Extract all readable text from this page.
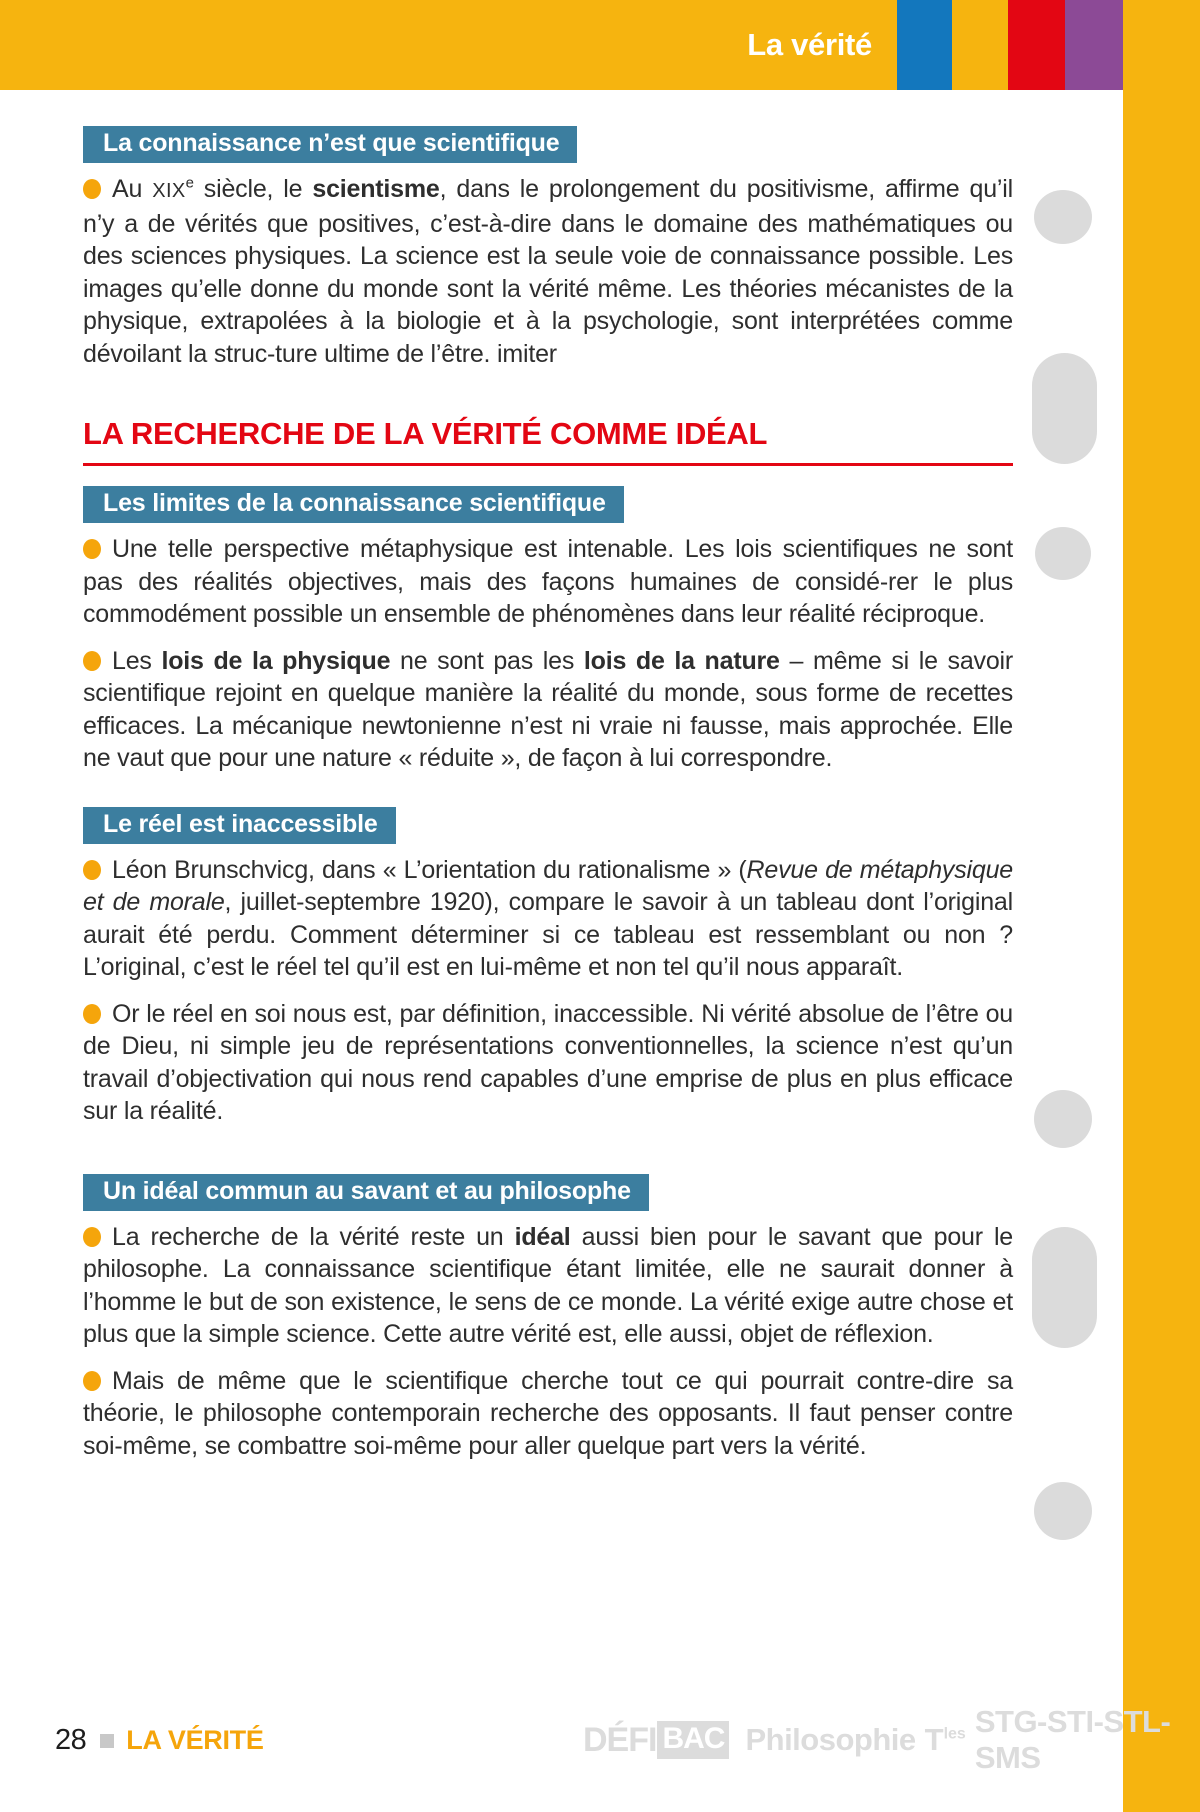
La vérité
La connaissance n’est que scientifique
Au XIXe siècle, le scientisme, dans le prolongement du positivisme, affirme qu’il n’y a de vérités que positives, c’est-à-dire dans le domaine des mathématiques ou des sciences physiques. La science est la seule voie de connaissance possible. Les images qu’elle donne du monde sont la vérité même. Les théories mécanistes de la physique, extrapolées à la biologie et à la psychologie, sont interprétées comme dévoilant la struc-ture ultime de l’être. imiter
LA RECHERCHE DE LA VÉRITÉ COMME IDÉAL
Les limites de la connaissance scientifique
Une telle perspective métaphysique est intenable. Les lois scientifiques ne sont pas des réalités objectives, mais des façons humaines de considé-rer le plus commodément possible un ensemble de phénomènes dans leur réalité réciproque.
Les lois de la physique ne sont pas les lois de la nature – même si le savoir scientifique rejoint en quelque manière la réalité du monde, sous forme de recettes efficaces. La mécanique newtonienne n’est ni vraie ni fausse, mais approchée. Elle ne vaut que pour une nature « réduite », de façon à lui correspondre.
Le réel est inaccessible
Léon Brunschvicg, dans « L’orientation du rationalisme » (Revue de métaphysique et de morale, juillet-septembre 1920), compare le savoir à un tableau dont l’original aurait été perdu. Comment déterminer si ce tableau est ressemblant ou non ? L’original, c’est le réel tel qu’il est en lui-même et non tel qu’il nous apparaît.
Or le réel en soi nous est, par définition, inaccessible. Ni vérité absolue de l’être ou de Dieu, ni simple jeu de représentations conventionnelles, la science n’est qu’un travail d’objectivation qui nous rend capables d’une emprise de plus en plus efficace sur la réalité.
Un idéal commun au savant et au philosophe
La recherche de la vérité reste un idéal aussi bien pour le savant que pour le philosophe. La connaissance scientifique étant limitée, elle ne saurait donner à l’homme le but de son existence, le sens de ce monde. La vérité exige autre chose et plus que la simple science. Cette autre vérité est, elle aussi, objet de réflexion.
Mais de même que le scientifique cherche tout ce qui pourrait contre-dire sa théorie, le philosophe contemporain recherche des opposants. Il faut penser contre soi-même, se combattre soi-même pour aller quelque part vers la vérité.
28 LA VÉRITÉ	DÉFI BAC Philosophie $T^{les}$ STG-STI-STL-SMS
